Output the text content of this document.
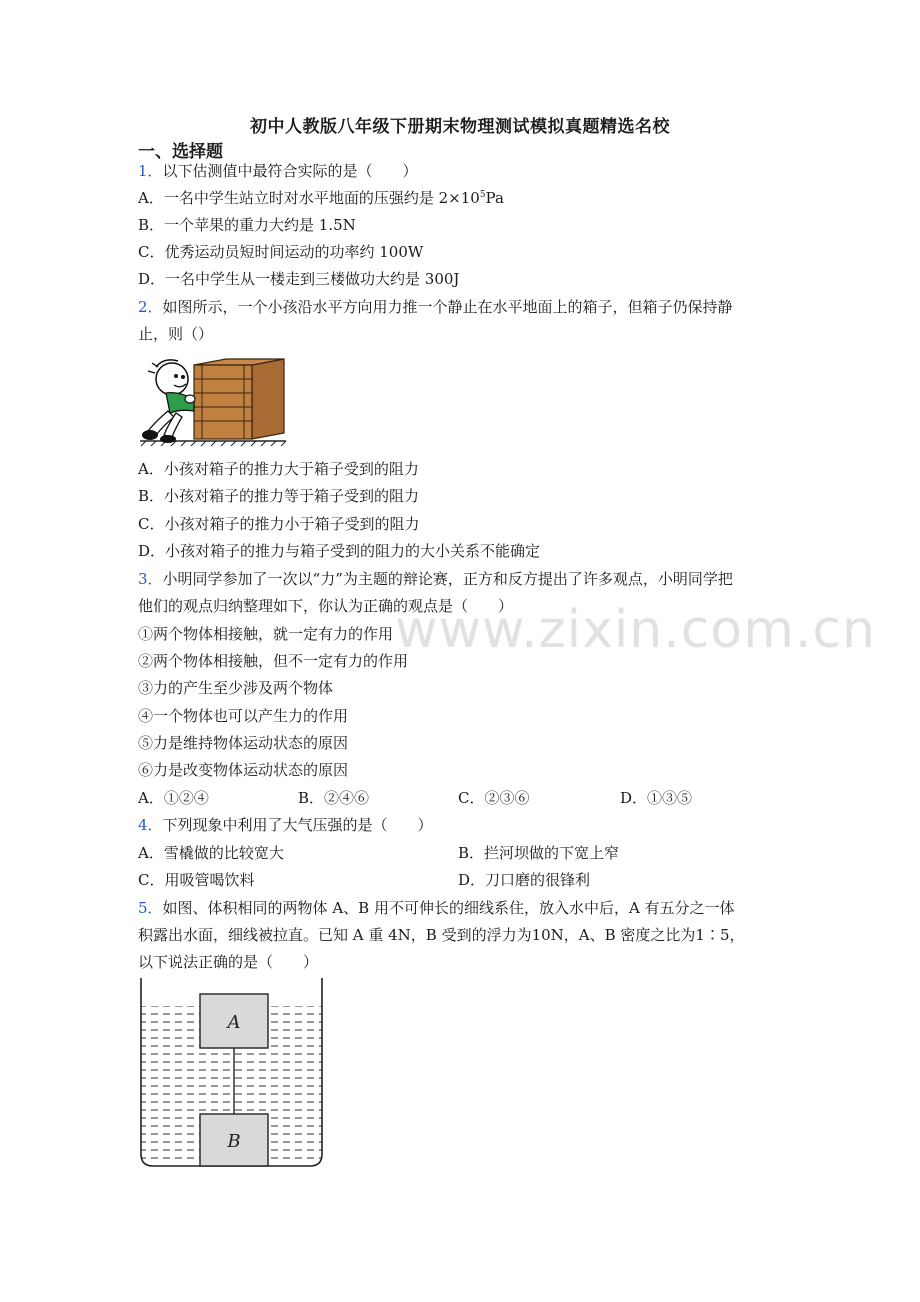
www.zixin.com.cn
初中人教版八年级下册期末物理测试模拟真题精选名校
一、选择题
1．以下估测值中最符合实际的是（　　）
A．一名中学生站立时对水平地面的压强约是 $2\times 10^5Pa$
B．一个苹果的重力大约是 1.5N
C．优秀运动员短时间运动的功率约 100W
D．一名中学生从一楼走到三楼做功大约是 300J
2．如图所示，一个小孩沿水平方向用力推一个静止在水平地面上的箱子，但箱子仍保持静
止，则（）
A．小孩对箱子的推力大于箱子受到的阻力
B．小孩对箱子的推力等于箱子受到的阻力
C．小孩对箱子的推力小于箱子受到的阻力
D．小孩对箱子的推力与箱子受到的阻力的大小关系不能确定
3．小明同学参加了一次以“力”为主题的辩论赛，正方和反方提出了许多观点，小明同学把
他们的观点归纳整理如下，你认为正确的观点是（　　）
①两个物体相接触，就一定有力的作用
②两个物体相接触，但不一定有力的作用
③力的产生至少涉及两个物体
④一个物体也可以产生力的作用
⑤力是维持物体运动状态的原因
⑥力是改变物体运动状态的原因
A．①②④	B．②④⑥	C．②③⑥	D．①③⑤
4．下列现象中利用了大气压强的是（　　）
A．雪橇做的比较宽大	B．拦河坝做的下宽上窄
C．用吸管喝饮料	D．刀口磨的很锋利
5．如图、体积相同的两物体 A、B 用不可伸长的细线系住，放入水中后，A 有五分之一体
积露出水面，细线被拉直。已知 A 重 4N，B 受到的浮力为10N，A、B 密度之比为1∶5，
以下说法正确的是（　　）
A
B
